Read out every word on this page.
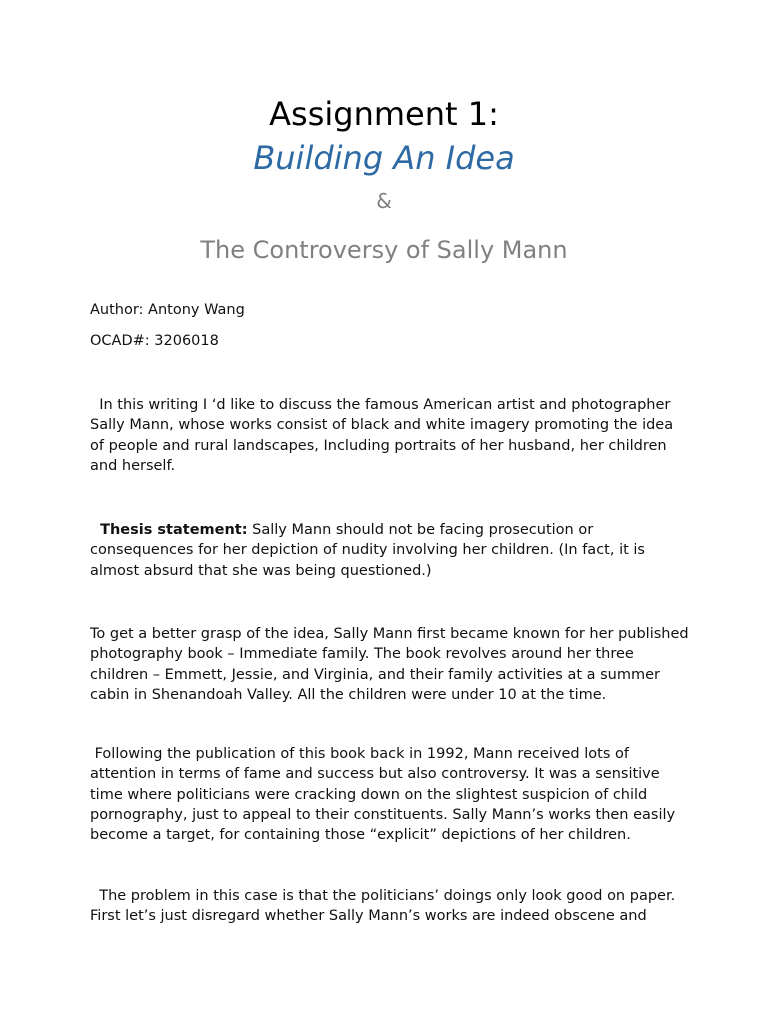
Assignment 1:
Building An Idea
&
The Controversy of Sally Mann
Author: Antony Wang
OCAD#: 3206018

In this writing I ‘d like to discuss the famous American artist and photographer Sally Mann, whose works consist of black and white imagery promoting the idea of people and rural landscapes, Including portraits of her husband, her children and herself.

Thesis statement: Sally Mann should not be facing prosecution or consequences for her depiction of nudity involving her children. (In fact, it is almost absurd that she was being questioned.)

To get a better grasp of the idea, Sally Mann first became known for her published photography book – Immediate family. The book revolves around her three children – Emmett, Jessie, and Virginia, and their family activities at a summer cabin in Shenandoah Valley. All the children were under 10 at the time.

Following the publication of this book back in 1992, Mann received lots of attention in terms of fame and success but also controversy. It was a sensitive time where politicians were cracking down on the slightest suspicion of child pornography, just to appeal to their constituents. Sally Mann’s works then easily become a target, for containing those “explicit” depictions of her children.

The problem in this case is that the politicians’ doings only look good on paper. First let’s just disregard whether Sally Mann’s works are indeed obscene and
